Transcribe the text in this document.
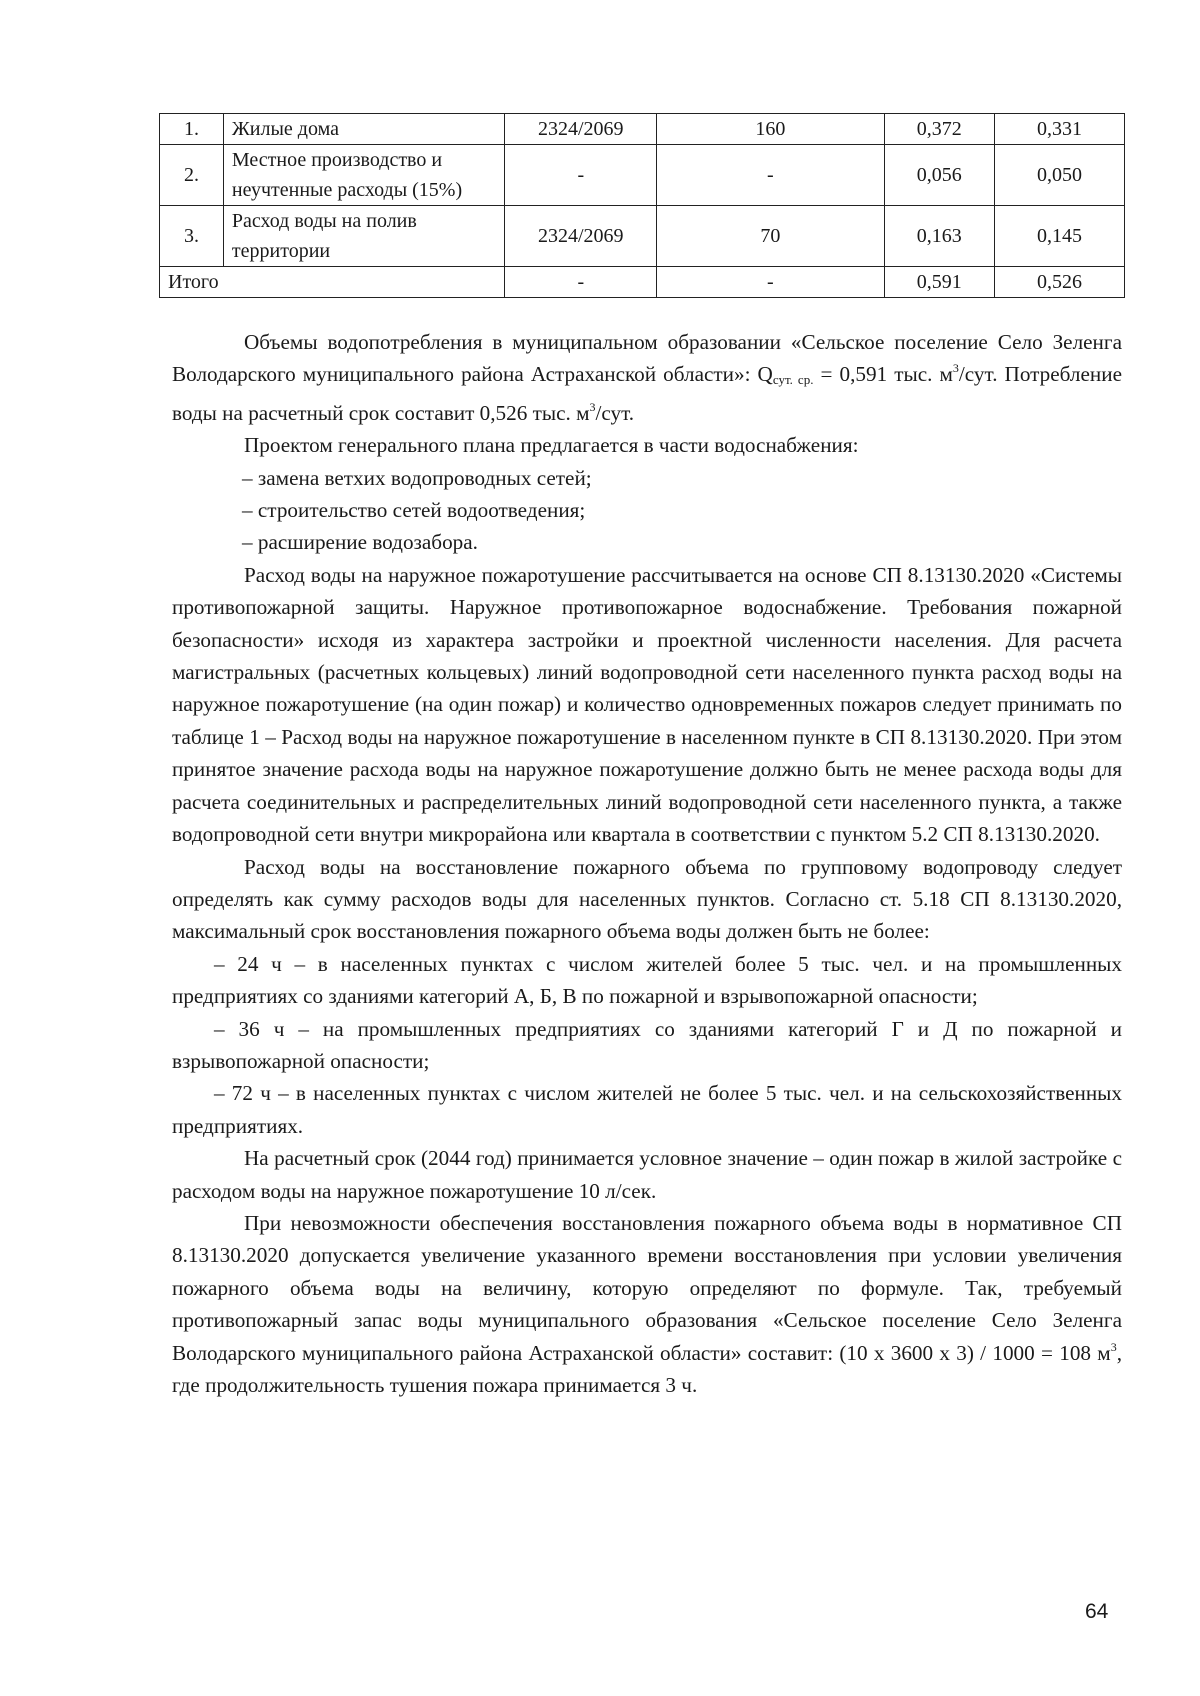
1.	Жилые дома	2324/2069	160	0,372	0,331
2.	Местное производство и неучтенные расходы (15%)	-	-	0,056	0,050
3.	Расход воды на полив территории	2324/2069	70	0,163	0,145
Итого		-	-	0,591	0,526

Объемы водопотребления в муниципальном образовании «Сельское поселение Село Зеленга Володарского муниципального района Астраханской области»: $Q_{сут. ср.} = 0,591$ тыс. $м^3$/сут. Потребление воды на расчетный срок составит 0,526 тыс. $м^3$/сут.

Проектом генерального плана предлагается в части водоснабжения:

– замена ветхих водопроводных сетей;

– строительство сетей водоотведения;

– расширение водозабора.

Расход воды на наружное пожаротушение рассчитывается на основе СП 8.13130.2020 «Системы противопожарной защиты. Наружное противопожарное водоснабжение. Требования пожарной безопасности» исходя из характера застройки и проектной численности населения. Для расчета магистральных (расчетных кольцевых) линий водопроводной сети населенного пункта расход воды на наружное пожаротушение (на один пожар) и количество одновременных пожаров следует принимать по таблице 1 – Расход воды на наружное пожаротушение в населенном пункте в СП 8.13130.2020. При этом принятое значение расхода воды на наружное пожаротушение должно быть не менее расхода воды для расчета соединительных и распределительных линий водопроводной сети населенного пункта, а также водопроводной сети внутри микрорайона или квартала в соответствии с пунктом 5.2 СП 8.13130.2020.

Расход воды на восстановление пожарного объема по групповому водопроводу следует определять как сумму расходов воды для населенных пунктов. Согласно ст. 5.18 СП 8.13130.2020, максимальный срок восстановления пожарного объема воды должен быть не более:

– 24 ч – в населенных пунктах с числом жителей более 5 тыс. чел. и на промышленных предприятиях со зданиями категорий А, Б, В по пожарной и взрывопожарной опасности;

– 36 ч – на промышленных предприятиях со зданиями категорий Г и Д по пожарной и взрывопожарной опасности;

– 72 ч – в населенных пунктах с числом жителей не более 5 тыс. чел. и на сельскохозяйственных предприятиях.

На расчетный срок (2044 год) принимается условное значение – один пожар в жилой застройке с расходом воды на наружное пожаротушение 10 л/сек.

При невозможности обеспечения восстановления пожарного объема воды в нормативное СП 8.13130.2020 допускается увеличение указанного времени восстановления при условии увеличения пожарного объема воды на величину, которую определяют по формуле. Так, требуемый противопожарный запас воды муниципального образования «Сельское поселение Село Зеленга Володарского муниципального района Астраханской области» составит: (10 х 3600 х 3) / 1000 = 108 $м^3$, где продолжительность тушения пожара принимается 3 ч.

64
